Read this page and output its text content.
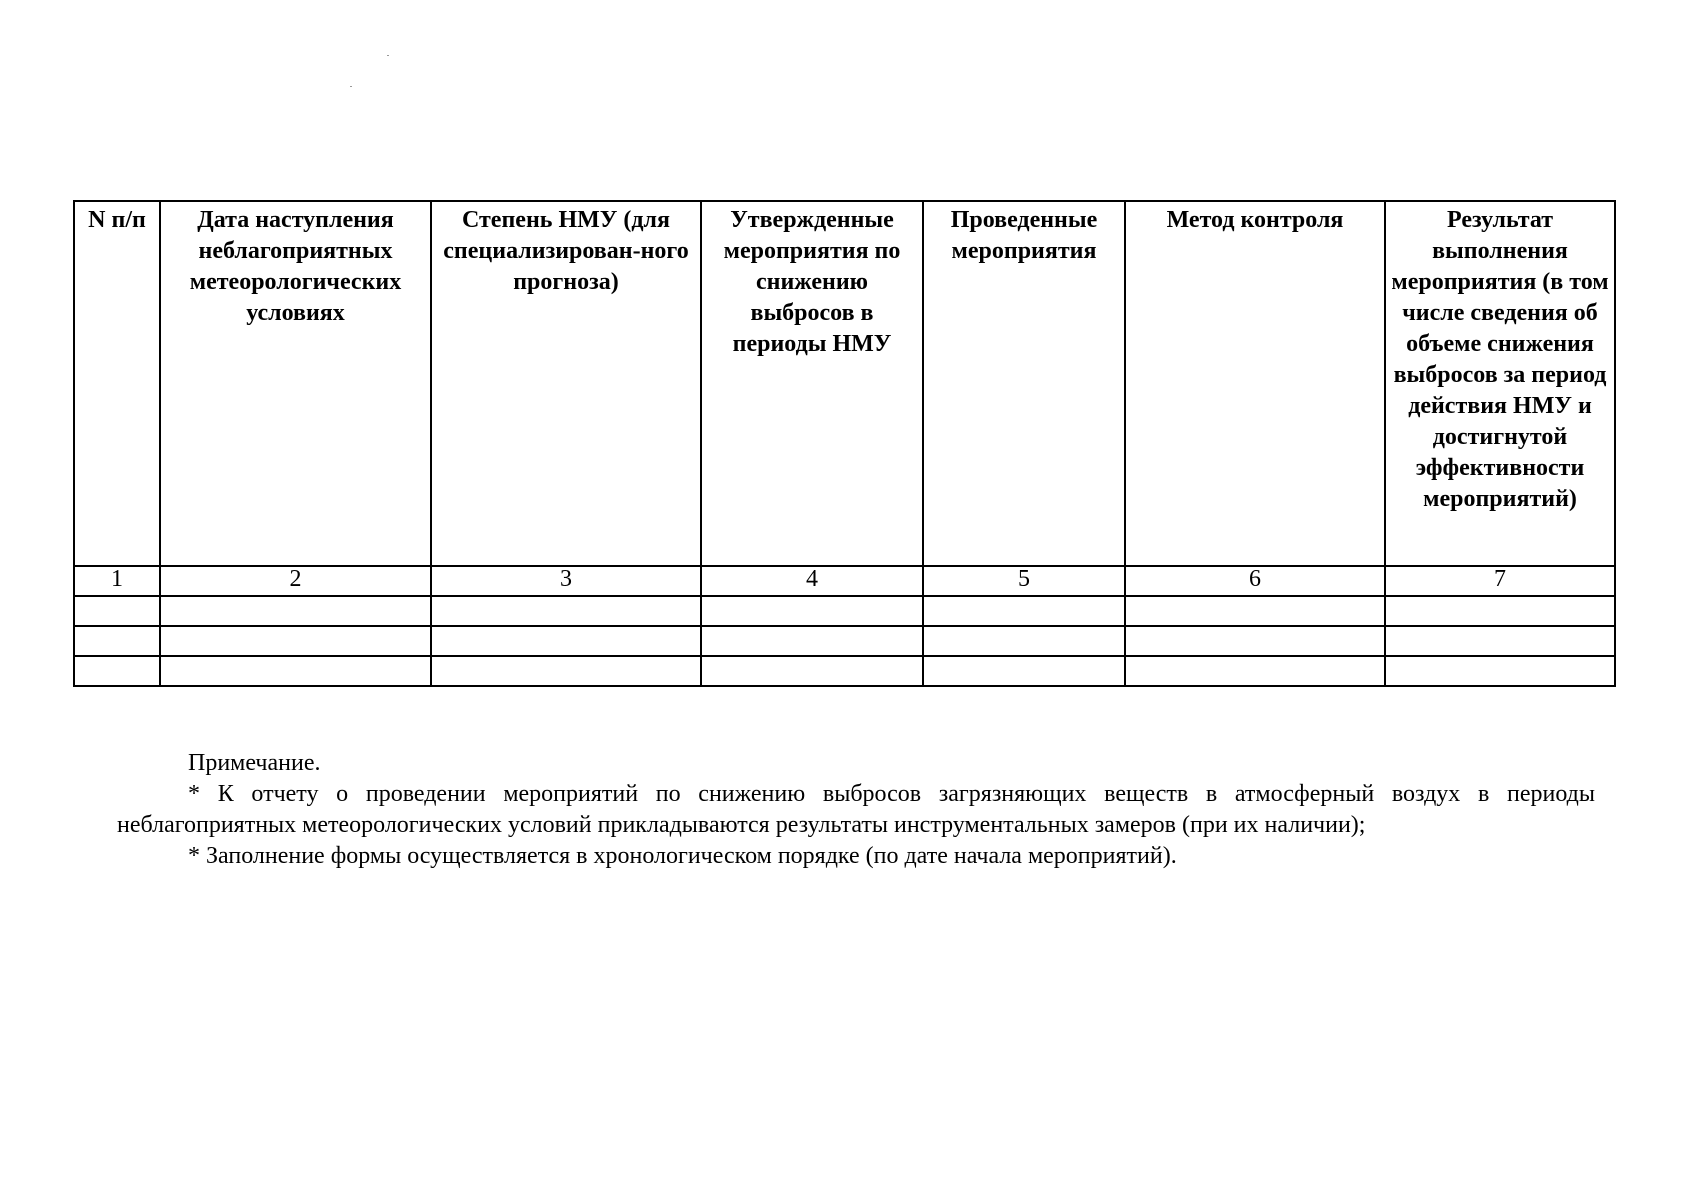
N п/п	Дата наступления неблагоприятных метеорологических условиях	Степень НМУ (для специализирован-ного прогноза)	Утвержденные мероприятия по снижению выбросов в периоды НМУ	Проведенные мероприятия	Метод контроля	Результат выполнения мероприятия (в том числе сведения об объеме снижения выбросов за период действия НМУ и достигнутой эффективности мероприятий)
1	2	3	4	5	6	7

Примечание.

* К отчету о проведении мероприятий по снижению выбросов загрязняющих веществ в атмосферный воздух в периоды неблагоприятных метеорологических условий прикладываются результаты инструментальных замеров (при их наличии);

* Заполнение формы осуществляется в хронологическом порядке (по дате начала мероприятий).
